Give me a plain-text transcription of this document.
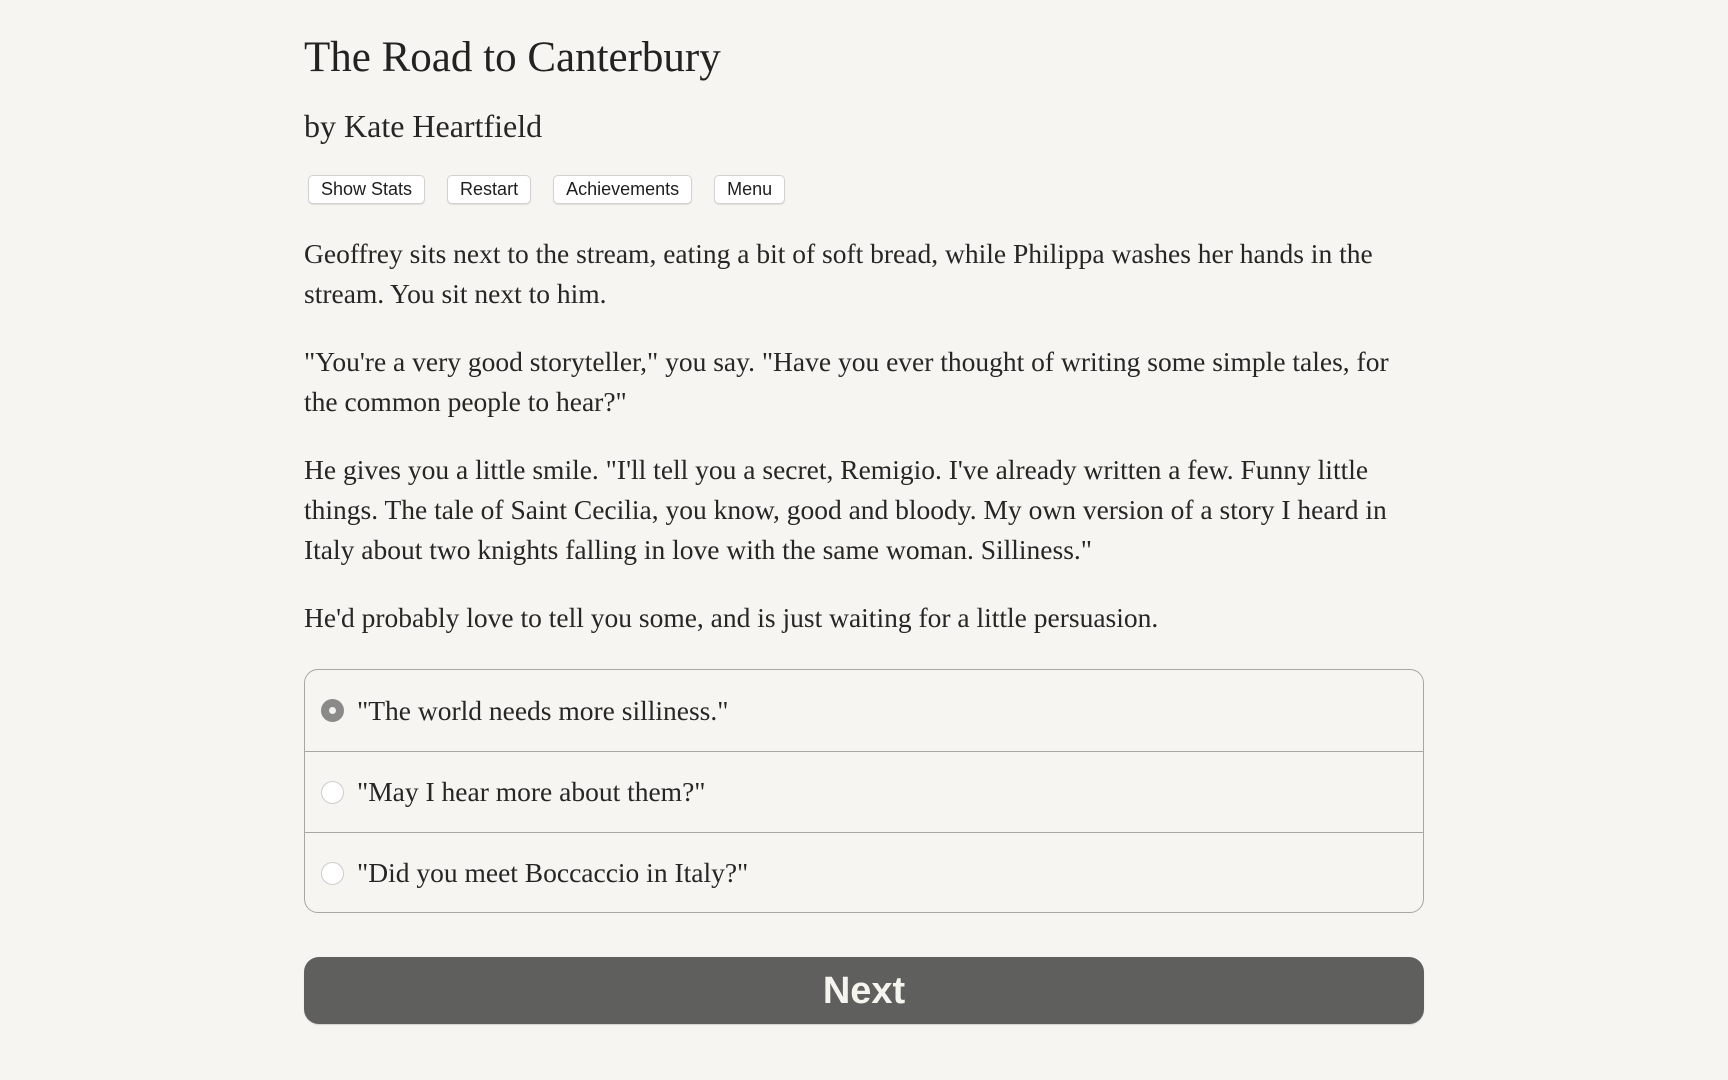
The Road to Canterbury
by Kate Heartfield
Show Stats	Restart	Achievements	Menu

Geoffrey sits next to the stream, eating a bit of soft bread, while Philippa washes her hands in the stream. You sit next to him.

"You're a very good storyteller," you say. "Have you ever thought of writing some simple tales, for the common people to hear?"

He gives you a little smile. "I'll tell you a secret, Remigio. I've already written a few. Funny little things. The tale of Saint Cecilia, you know, good and bloody. My own version of a story I heard in Italy about two knights falling in love with the same woman. Silliness."

He'd probably love to tell you some, and is just waiting for a little persuasion.

"The world needs more silliness."
"May I hear more about them?"
"Did you meet Boccaccio in Italy?"
Next
